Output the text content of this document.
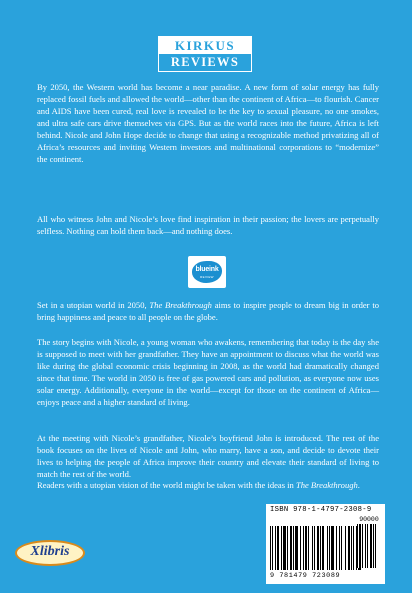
KIRKUS
REVIEWS

By 2050, the Western world has become a near paradise. A new form of solar energy has fully replaced fossil fuels and allowed the world—other than the continent of Africa—to flourish. Cancer and AIDS have been cured, real love is revealed to be the key to sexual pleasure, no one smokes, and ultra safe cars drive themselves via GPS. But as the world races into the future, Africa is left behind. Nicole and John Hope decide to change that using a recognizable method privatizing all of Africa’s resources and inviting Western investors and multinational corporations to “modernize” the continent.

All who witness John and Nicole’s love find inspiration in their passion; the lovers are perpetually selfless. Nothing can hold them back—and nothing does.

blueink
REVIEW

Set in a utopian world in 2050, The Breakthrough aims to inspire people to dream big in order to bring happiness and peace to all people on the globe.

The story begins with Nicole, a young woman who awakens, remembering that today is the day she is supposed to meet with her grandfather. They have an appointment to discuss what the world was like during the global economic crisis beginning in 2008, as the world had dramatically changed since that time. The world in 2050 is free of gas powered cars and pollution, as everyone now uses solar energy. Additionally, everyone in the world—except for those on the continent of Africa—enjoys peace and a higher standard of living.

At the meeting with Nicole’s grandfather, Nicole’s boyfriend John is introduced. The rest of the book focuses on the lives of Nicole and John, who marry, have a son, and decide to devote their lives to helping the people of Africa improve their country and elevate their standard of living to match the rest of the world.

Readers with a utopian vision of the world might be taken with the ideas in The Breakthrough.

Xlibris
ISBN 978-1-4797-2308-9
90000
9 781479 723089
